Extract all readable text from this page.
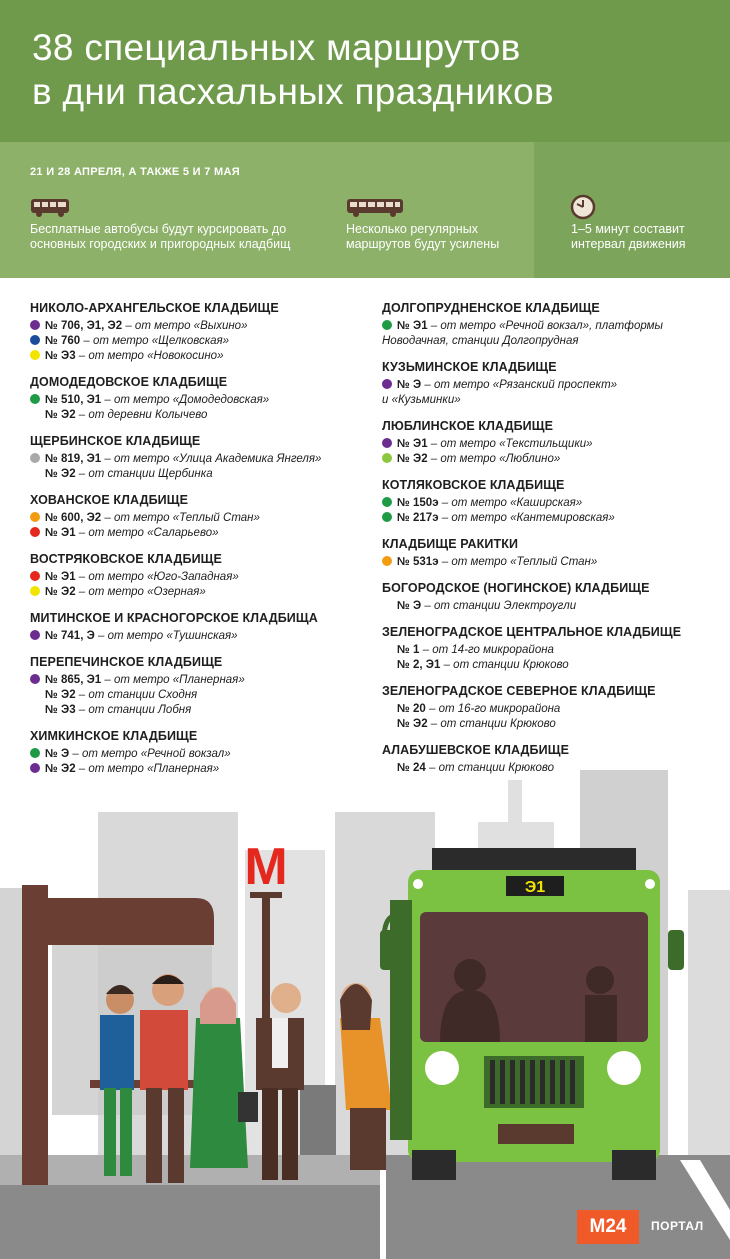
38 специальных маршрутов
в дни пасхальных праздников
21 И 28 АПРЕЛЯ, А ТАКЖЕ 5 И 7 МАЯ
Бесплатные автобусы будут курсировать до основных городских и пригородных кладбищ
Несколько регулярных маршрутов будут усилены
1–5 минут составит интервал движения
НИКОЛО-АРХАНГЕЛЬСКОЕ КЛАДБИЩЕ
№ 706, Э1, Э2 – от метро «Выхино»
№ 760 – от метро «Щелковская»
№ Э3 – от метро «Новокосино»
ДОМОДЕДОВСКОЕ КЛАДБИЩЕ
№ 510, Э1 – от метро «Домодедовская»
№ Э2 – от деревни Колычево
ЩЕРБИНСКОЕ КЛАДБИЩЕ
№ 819, Э1 – от метро «Улица Академика Янгеля»
№ Э2 – от станции Щербинка
ХОВАНСКОЕ КЛАДБИЩЕ
№ 600, Э2 – от метро «Теплый Стан»
№ Э1 – от метро «Саларьево»
ВОСТРЯКОВСКОЕ КЛАДБИЩЕ
№ Э1 – от метро «Юго-Западная»
№ Э2 – от метро «Озерная»
МИТИНСКОЕ И КРАСНОГОРСКОЕ КЛАДБИЩА
№ 741, Э – от метро «Тушинская»
ПЕРЕПЕЧИНСКОЕ КЛАДБИЩЕ
№ 865, Э1 – от метро «Планерная»
№ Э2 – от станции Сходня
№ Э3 – от станции Лобня
ХИМКИНСКОЕ КЛАДБИЩЕ
№ Э – от метро «Речной вокзал»
№ Э2 – от метро «Планерная»
ДОЛГОПРУДНЕНСКОЕ КЛАДБИЩЕ
№ Э1 – от метро «Речной вокзал», платформы
Новодачная, станции Долгопрудная
КУЗЬМИНСКОЕ КЛАДБИЩЕ
№ Э – от метро «Рязанский проспект»
и «Кузьминки»
ЛЮБЛИНСКОЕ КЛАДБИЩЕ
№ Э1 – от метро «Текстильщики»
№ Э2 – от метро «Люблино»
КОТЛЯКОВСКОЕ КЛАДБИЩЕ
№ 150э – от метро «Каширская»
№ 217э – от метро «Кантемировская»
КЛАДБИЩЕ РАКИТКИ
№ 531э – от метро «Теплый Стан»
БОГОРОДСКОЕ (НОГИНСКОЕ) КЛАДБИЩЕ
№ Э – от станции Электроугли
ЗЕЛЕНОГРАДСКОЕ ЦЕНТРАЛЬНОЕ КЛАДБИЩЕ
№ 1 – от 14-го микрорайона
№ 2, Э1 – от станции Крюково
ЗЕЛЕНОГРАДСКОЕ СЕВЕРНОЕ КЛАДБИЩЕ
№ 20 – от 16-го микрорайона
№ Э2 – от станции Крюково
АЛАБУШЕВСКОЕ КЛАДБИЩЕ
№ 24 – от станции Крюково
М	Э1
М24	ПОРТАЛ
